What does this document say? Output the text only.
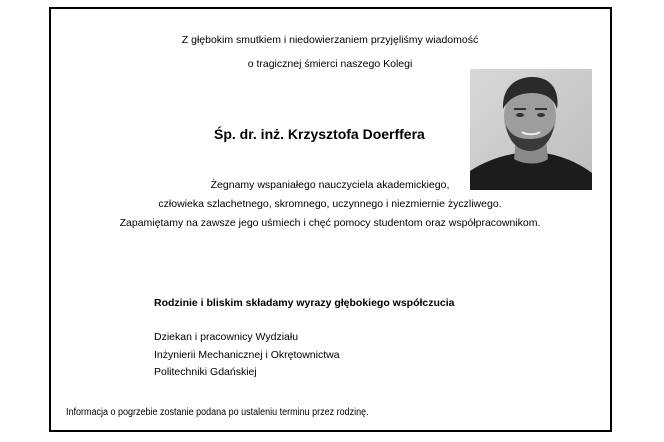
Z głębokim smutkiem i niedowierzaniem przyjęliśmy wiadomość
o tragicznej śmierci naszego Kolegi
Śp. dr. inż. Krzysztofa Doerffera
Żegnamy wspaniałego nauczyciela akademickiego,
człowieka szlachetnego, skromnego, uczynnego i niezmiernie życzliwego.
Zapamiętamy na zawsze jego uśmiech i chęć pomocy studentom oraz współpracownikom.
Rodzinie i bliskim składamy wyrazy głębokiego współczucia
Dziekan i pracownicy Wydziału
Inżynierii Mechanicznej i Okrętownictwa
Politechniki Gdańskiej
Informacja o pogrzebie zostanie podana po ustaleniu terminu przez rodzinę.
